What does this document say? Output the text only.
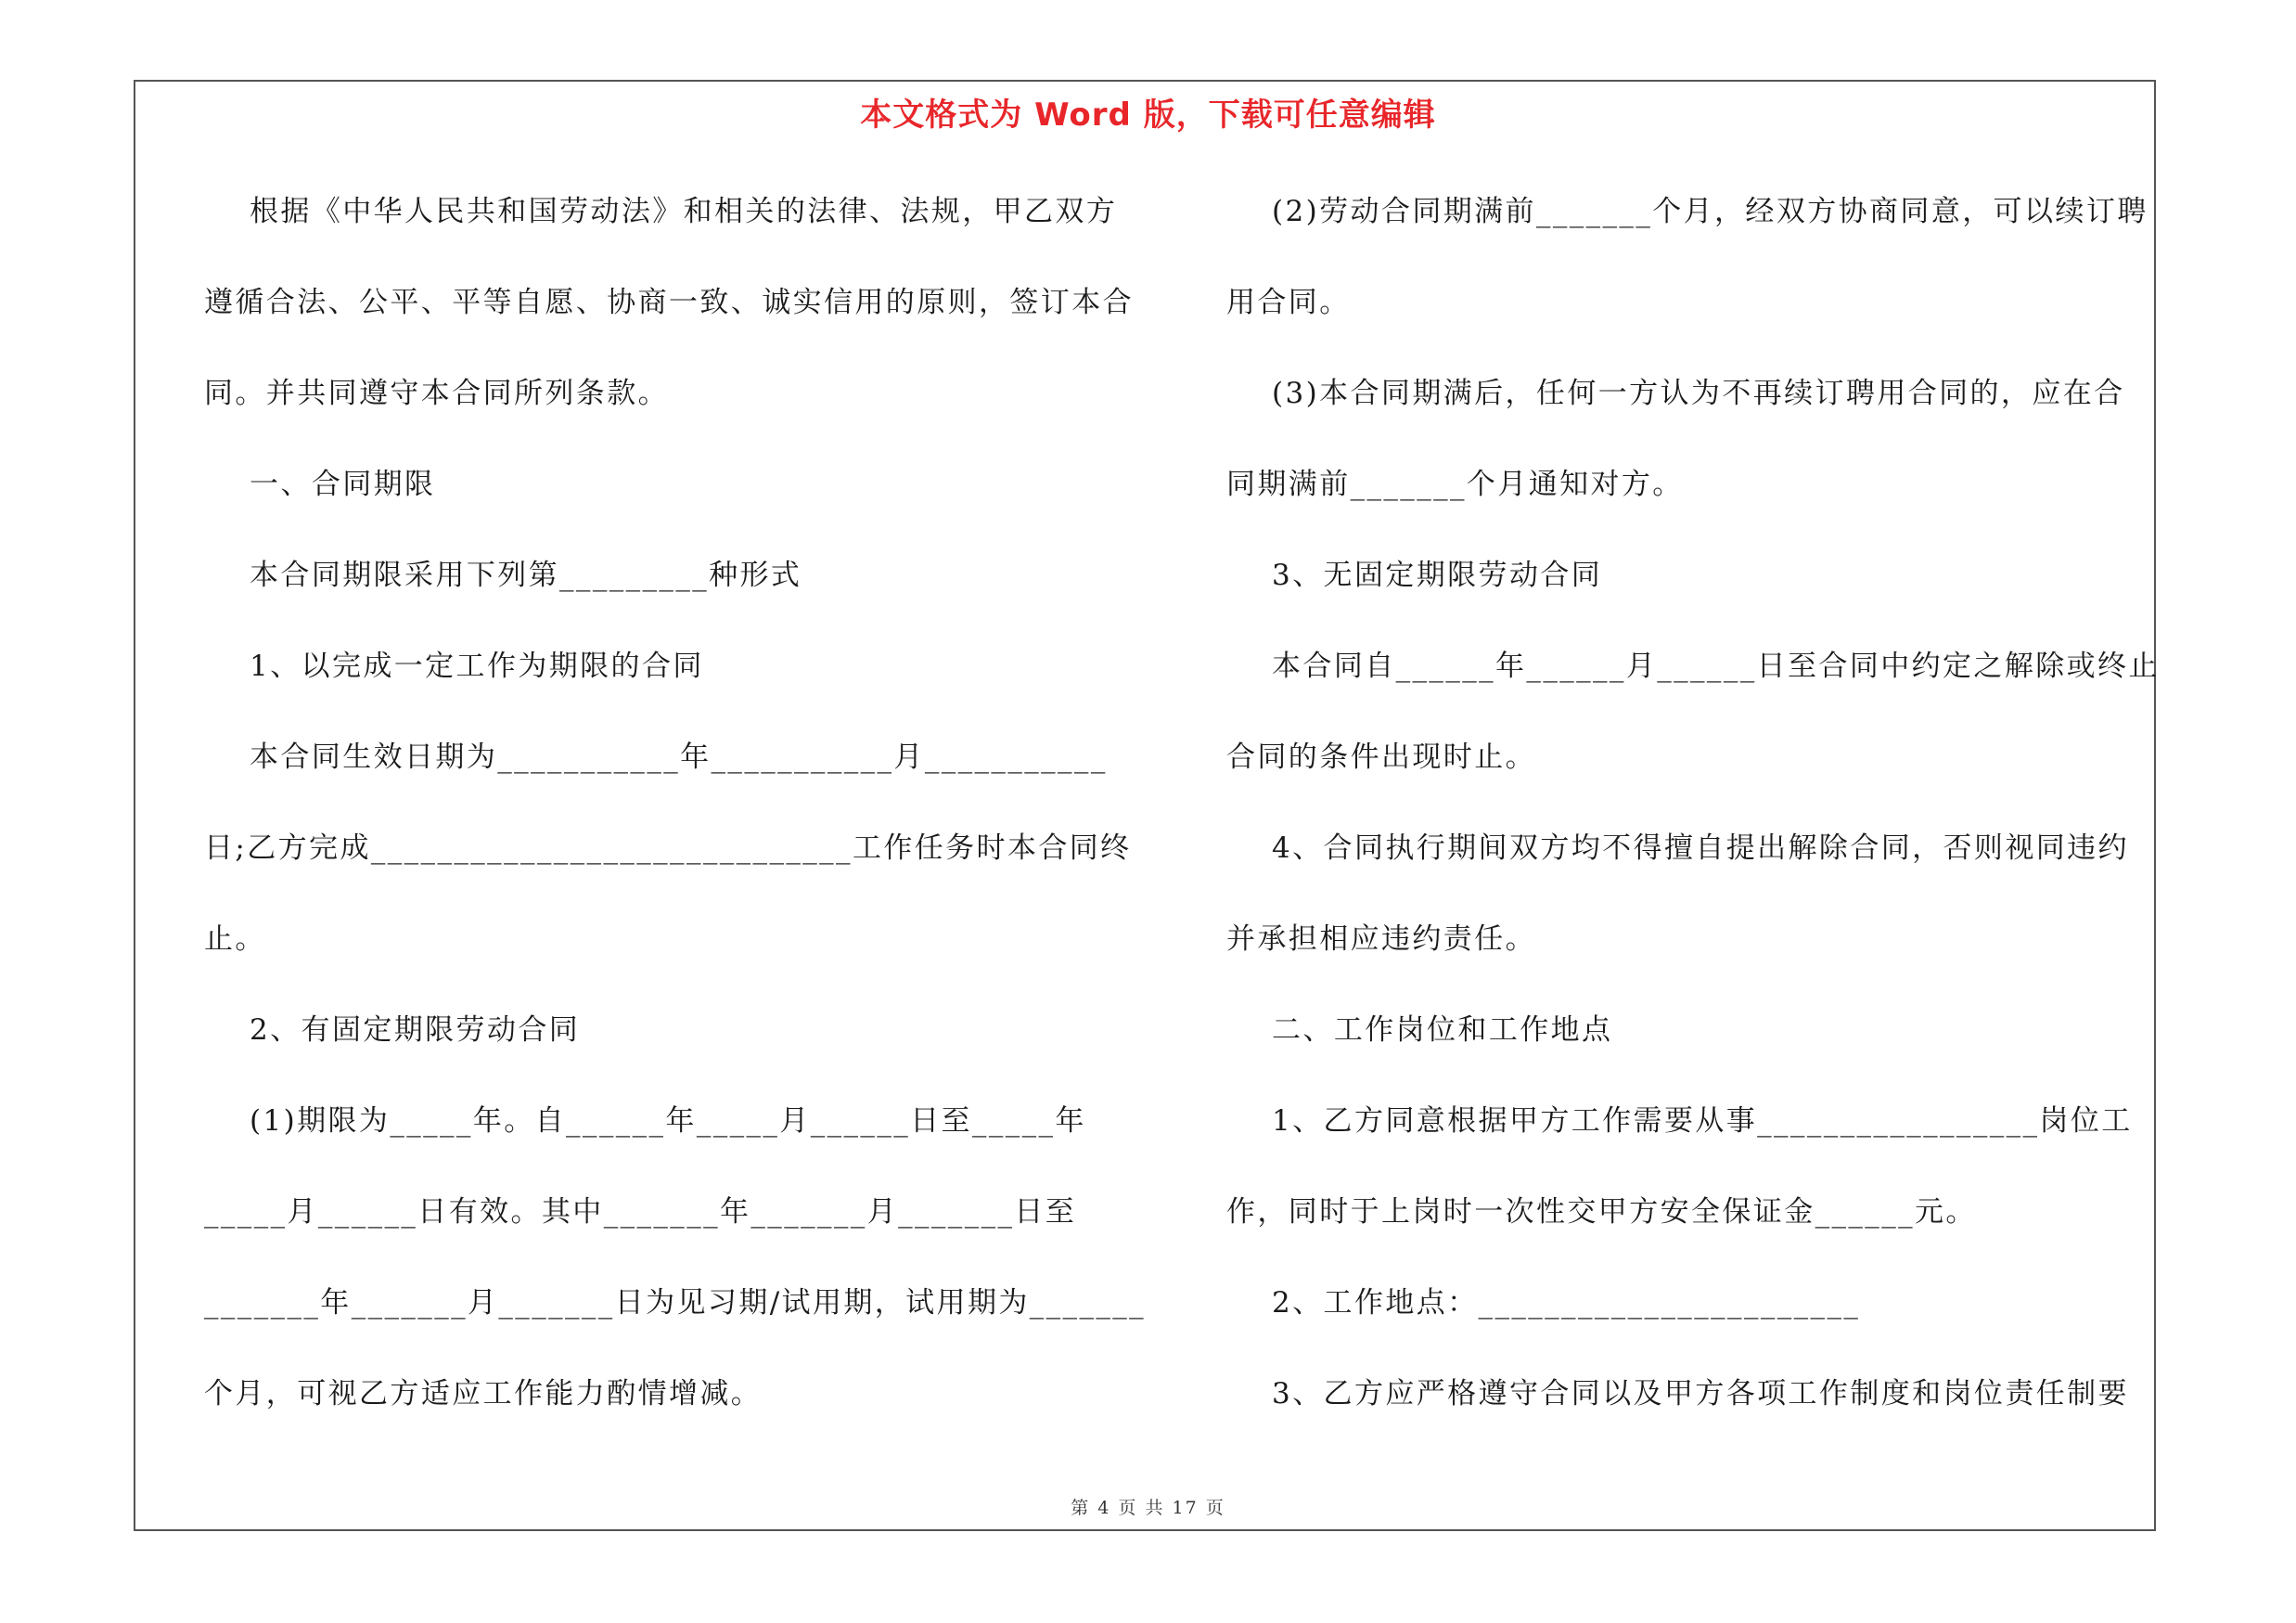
本文格式为 Word 版，下载可任意编辑
根据《中华人民共和国劳动法》和相关的法律、法规，甲乙双方
遵循合法、公平、平等自愿、协商一致、诚实信用的原则，签订本合
同。并共同遵守本合同所列条款。
一、合同期限
本合同期限采用下列第_________种形式
1、以完成一定工作为期限的合同
本合同生效日期为___________年___________月___________
日;乙方完成_____________________________工作任务时本合同终
止。
2、有固定期限劳动合同
(1)期限为_____年。自______年_____月______日至_____年
_____月______日有效。其中_______年_______月_______日至
_______年_______月_______日为见习期/试用期，试用期为_______
个月，可视乙方适应工作能力酌情增减。
(2)劳动合同期满前_______个月，经双方协商同意，可以续订聘
用合同。
(3)本合同期满后，任何一方认为不再续订聘用合同的，应在合
同期满前_______个月通知对方。
3、无固定期限劳动合同
本合同自______年______月______日至合同中约定之解除或终止
合同的条件出现时止。
4、合同执行期间双方均不得擅自提出解除合同，否则视同违约
并承担相应违约责任。
二、工作岗位和工作地点
1、乙方同意根据甲方工作需要从事_________________岗位工
作，同时于上岗时一次性交甲方安全保证金______元。
2、工作地点：_______________________
3、乙方应严格遵守合同以及甲方各项工作制度和岗位责任制要
第 4 页 共 17 页
